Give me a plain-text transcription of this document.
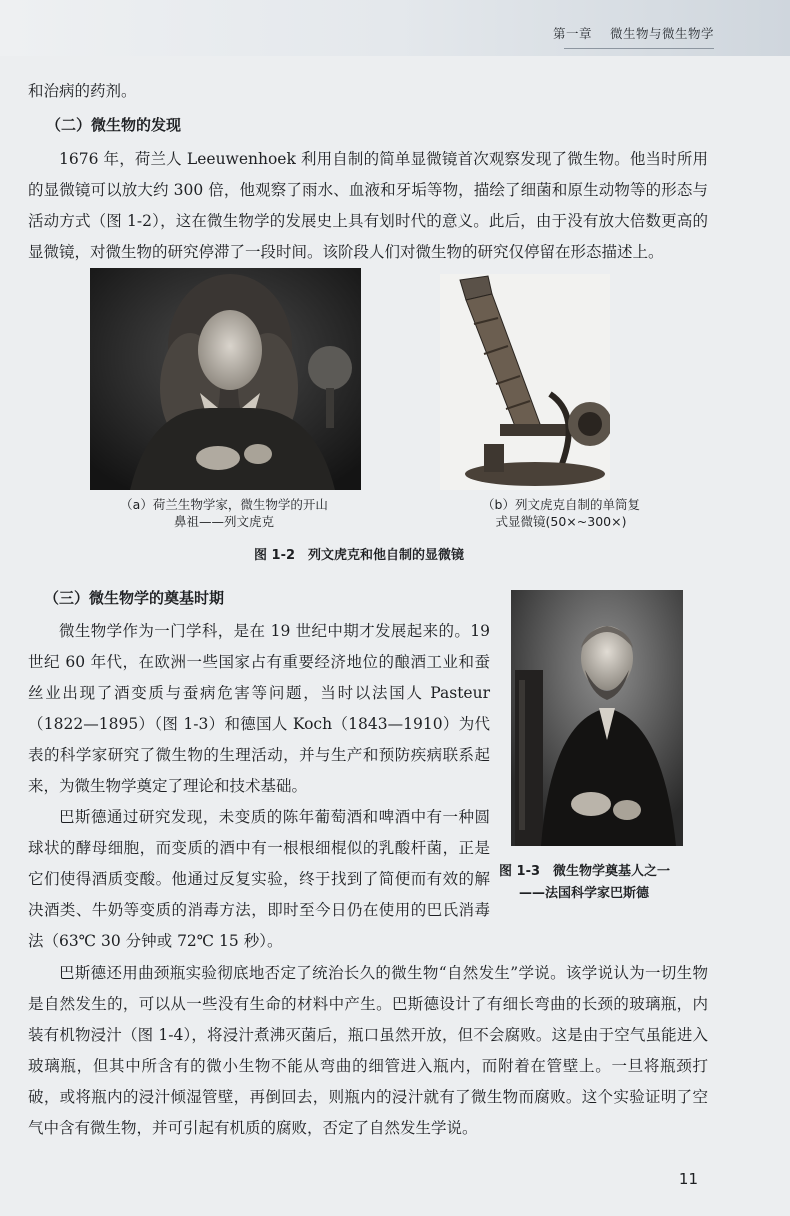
第一章 微生物与微生物学

和治病的药剂。

（二）微生物的发现

1676 年，荷兰人 Leeuwenhoek 利用自制的简单显微镜首次观察发现了微生物。他当时所用的显微镜可以放大约 300 倍，他观察了雨水、血液和牙垢等物，描绘了细菌和原生动物等的形态与活动方式（图 1-2），这在微生物学的发展史上具有划时代的意义。此后，由于没有放大倍数更高的显微镜，对微生物的研究停滞了一段时间。该阶段人们对微生物的研究仅停留在形态描述上。

（a）荷兰生物学家，微生物学的开山鼻祖——列文虎克
（b）列文虎克自制的单筒复式显微镜(50×~300×)
图 1-2　列文虎克和他自制的显微镜

（三）微生物学的奠基时期

微生物学作为一门学科，是在 19 世纪中期才发展起来的。19 世纪 60 年代，在欧洲一些国家占有重要经济地位的酿酒工业和蚕丝业出现了酒变质与蚕病危害等问题，当时以法国人 Pasteur（1822—1895）（图 1-3）和德国人 Koch（1843—1910）为代表的科学家研究了微生物的生理活动，并与生产和预防疾病联系起来，为微生物学奠定了理论和技术基础。

巴斯德通过研究发现，未变质的陈年葡萄酒和啤酒中有一种圆球状的酵母细胞，而变质的酒中有一根根细棍似的乳酸杆菌，正是它们使得酒质变酸。他通过反复实验，终于找到了简便而有效的解决酒类、牛奶等变质的消毒方法，即时至今日仍在使用的巴氏消毒法（63℃ 30 分钟或 72℃ 15 秒）。

图 1-3　微生物学奠基人之一
——法国科学家巴斯德

巴斯德还用曲颈瓶实验彻底地否定了统治长久的微生物“自然发生”学说。该学说认为一切生物是自然发生的，可以从一些没有生命的材料中产生。巴斯德设计了有细长弯曲的长颈的玻璃瓶，内装有机物浸汁（图 1-4），将浸汁煮沸灭菌后，瓶口虽然开放，但不会腐败。这是由于空气虽能进入玻璃瓶，但其中所含有的微小生物不能从弯曲的细管进入瓶内，而附着在管壁上。一旦将瓶颈打破，或将瓶内的浸汁倾湿管壁，再倒回去，则瓶内的浸汁就有了微生物而腐败。这个实验证明了空气中含有微生物，并可引起有机质的腐败，否定了自然发生学说。

11
